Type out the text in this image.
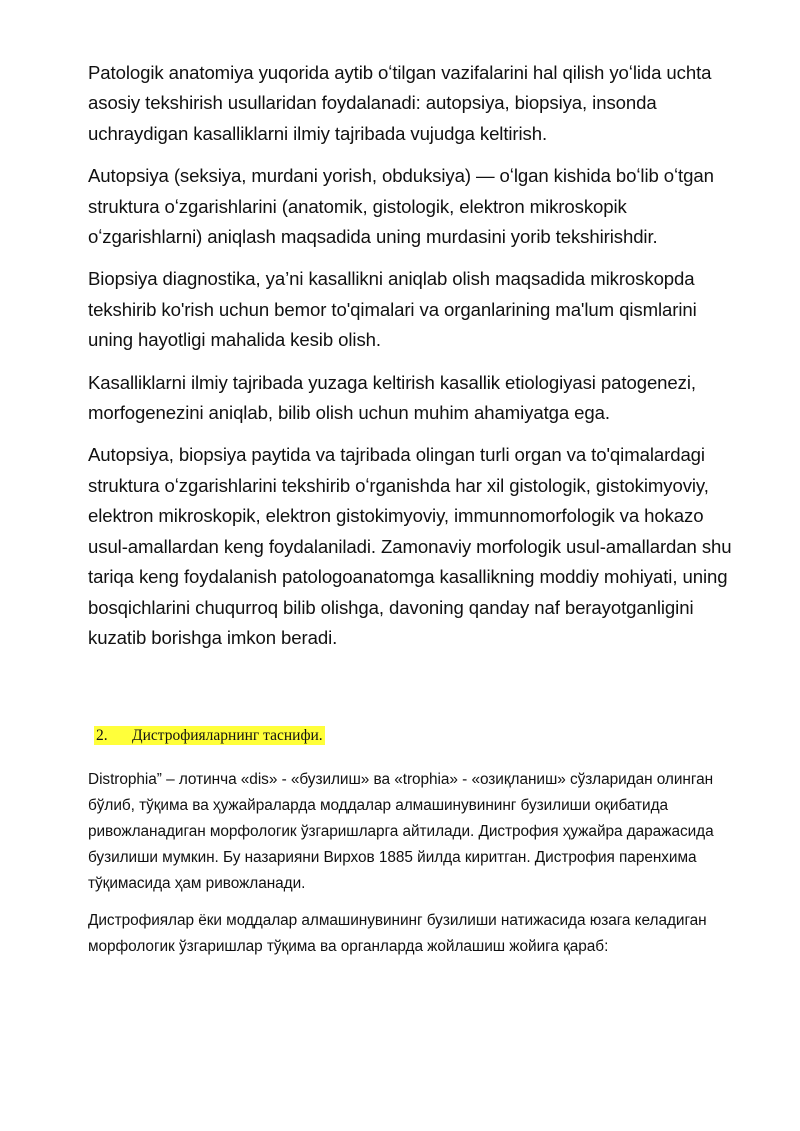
Patologik anatomiya yuqorida aytib oʻtilgan vazifalarini hal qilish yoʻlida uchta asosiy tekshirish usullaridan foydalanadi: autopsiya, biopsiya, insonda uchraydigan kasalliklarni ilmiy tajribada vujudga keltirish.

Autopsiya (seksiya, murdani yorish, obduksiya) — oʻlgan kishida boʻlib oʻtgan struktura oʻzgarishlarini (anatomik, gistologik, elektron mikroskopik oʻzgarishlarni) aniqlash maqsadida uning murdasini yorib tekshirishdir.

Biopsiya diagnostika, ya’ni kasallikni aniqlab olish maqsadida mikroskopda tekshirib ko'rish uchun bemor to'qimalari va organlarining ma'lum qismlarini uning hayotligi mahalida kesib olish.

Kasalliklarni ilmiy tajribada yuzaga keltirish kasallik etiologiyasi patogenezi, morfogenezini aniqlab, bilib olish uchun muhim ahamiyatga ega.

Autopsiya, biopsiya paytida va tajribada olingan turli organ va to'qimalardagi struktura oʻzgarishlarini tekshirib oʻrganishda har xil gistologik, gistokimyoviy, elektron mikroskopik, elektron gistokimyoviy, immunnomorfologik va hokazo usul-amallardan keng foydalaniladi. Zamonaviy morfologik usul-amallardan shu tariqa keng foydalanish patologoanatomga kasallikning moddiy mohiyati, uning bosqichlarini chuqurroq bilib olishga, davoning qanday naf berayotganligini kuzatib borishga imkon beradi.

2. Дистрофияларнинг таснифи.

Distrophia” – лотинча «dis» - «бузилиш» ва «trophia» - «озиқланиш» сўзларидан олинган бўлиб, тўқима ва ҳужайраларда моддалар алмашинувининг бузилиши оқибатида ривожланадиган морфологик ўзгаришларга айтилади. Дистрофия ҳужайра даражасида бузилиши мумкин. Бу назарияни Вирхов 1885 йилда киритган. Дистрофия паренхима тўқимасида ҳам ривожланади.

Дистрофиялар ёки моддалар алмашинувининг бузилиши натижасида юзага келадиган морфологик ўзгаришлар тўқима ва органларда жойлашиш жойига қараб:
